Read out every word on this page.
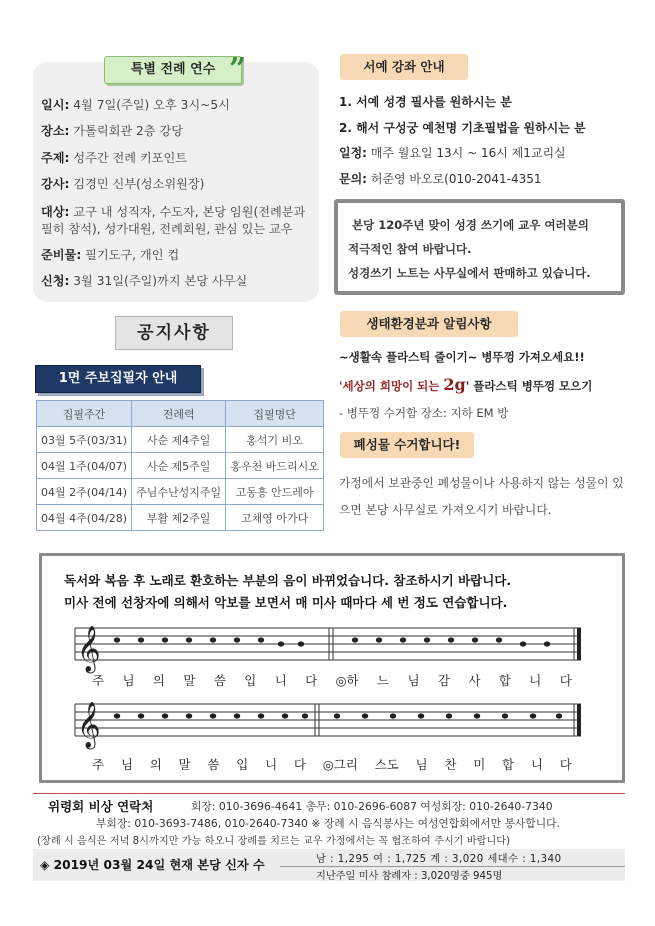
특별 전례 연수 ”
일시: 4월 7일(주일) 오후 3시~5시
장소: 가톨릭회관 2층 강당
주제: 성주간 전례 키포인트
강사: 김경민 신부(성소위원장)
대상: 교구 내 성직자, 수도자, 본당 임원(전례분과 필히 참석), 성가대원, 전례회원, 관심 있는 교우
준비물: 필기도구, 개인 컵
신청: 3월 31일(주일)까지 본당 사무실
공지사항
1면 주보집필자 안내
집필주간	전례력	집필명단
03월 5주(03/31)	사순 제4주일	홍석기 비오
04월 1주(04/07)	사순 제5주일	홍우천 바드리시오
04월 2주(04/14)	주님수난성지주일	고동흥 안드레아
04월 4주(04/28)	부활 제2주일	고채영 아가다
서예 강좌 안내
1. 서예 성경 필사를 원하시는 분
2. 해서 구성궁 예천명 기초필법을 원하시는 분
일정: 매주 월요일 13시 ~ 16시 제1교리실
문의: 허준영 바오로(010-2041-4351
본당 120주년 맞이 성경 쓰기에 교우 여러분의
적극적인 참여 바랍니다.
성경쓰기 노트는 사무실에서 판매하고 있습니다.
생태환경분과 알림사항
~생활속 플라스틱 줄이기~ 병뚜껑 가져오세요!!
'세상의 희망이 되는 2g' 플라스틱 병뚜껑 모으기
- 병뚜껑 수거함 장소: 지하 EM 방
폐성물 수거합니다!
가정에서 보관중인 폐성물이나 사용하지 않는 성물이 있으면 본당 사무실로 가져오시기 바랍니다.
독서와 복음 후 노래로 환호하는 부분의 음이 바뀌었습니다. 참조하시기 바랍니다.
미사 전에 선창자에 의해서 악보를 보면서 매 미사 때마다 세 번 정도 연습합니다.
𝄞
주 님 의 말 씀 입 니 다 ◎하 느 님 감 사 합 니 다
𝄞
주 님 의 말 씀 입 니 다 ◎그리 스도 님 찬 미 합 니 다
위령회 비상 연락처	회장: 010-3696-4641 총무: 010-2696-6087 여성회장: 010-2640-7340
부회장: 010-3693-7486, 010-2640-7340 ※ 장례 시 음식봉사는 여성연합회에서만 봉사합니다.
(장례 시 음식은 저녁 8시까지만 가능 하오니 장례를 치르는 교우 가정에서는 꼭 협조하여 주시기 바랍니다)
◈ 2019년 03월 24일 현재 본당 신자 수	남 : 1,295 여 : 1,725 계 : 3,020 세대수 : 1,340
지난주일 미사 참례자 : 3,020명중 945명
